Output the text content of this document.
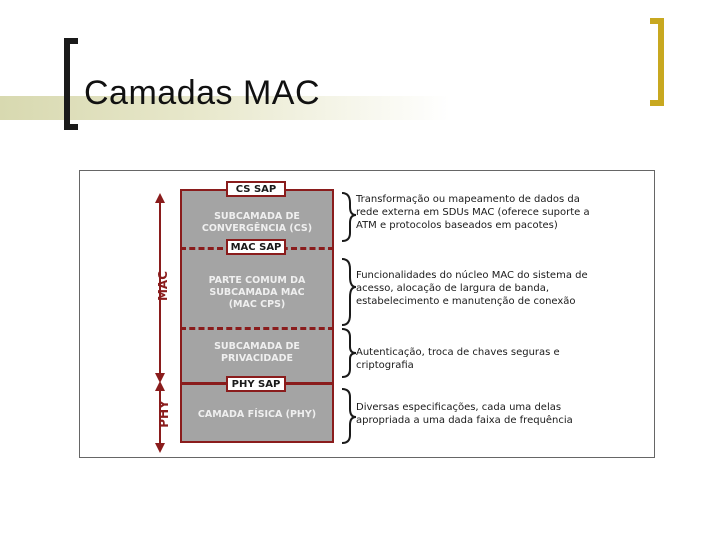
Camadas MAC
MAC
PHY
SUBCAMADA DE
CONVERGÊNCIA (CS)
PARTE COMUM DA
SUBCAMADA MAC
(MAC CPS)
SUBCAMADA DE
PRIVACIDADE
CAMADA FÍSICA (PHY)
CS SAP
MAC SAP
PHY SAP
Transformação ou mapeamento de dados da
rede externa em SDUs MAC (oferece suporte a
ATM e protocolos baseados em pacotes)
Funcionalidades do núcleo MAC do sistema de
acesso, alocação de largura de banda,
estabelecimento e manutenção de conexão
Autenticação, troca de chaves seguras e
criptografia
Diversas especificações, cada uma delas
apropriada a uma dada faixa de frequência
